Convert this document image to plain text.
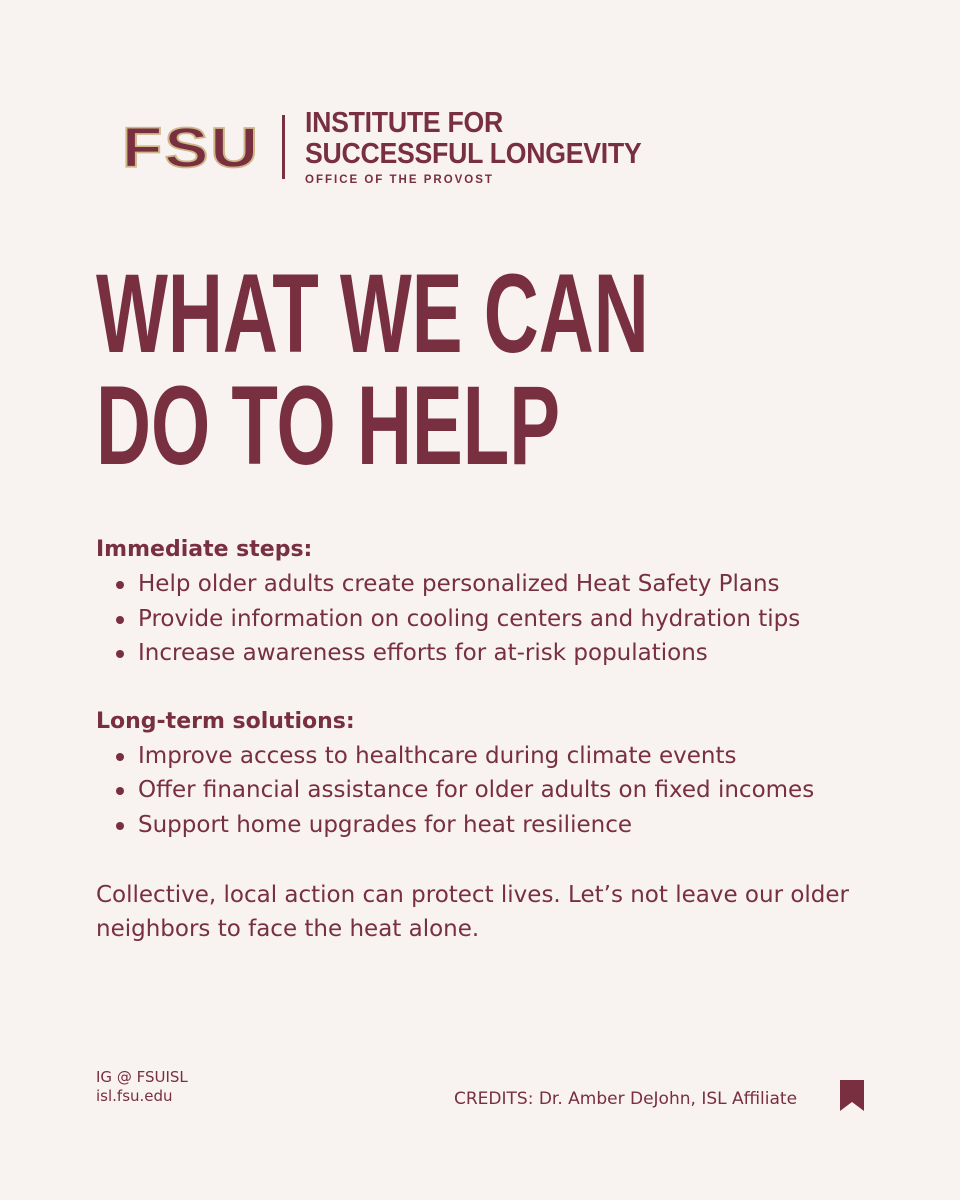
FSU INSTITUTE FOR
SUCCESSFUL LONGEVITY
OFFICE OF THE PROVOST
WHAT WE CAN
DO TO HELP
Immediate steps:
Help older adults create personalized Heat Safety Plans
Provide information on cooling centers and hydration tips
Increase awareness efforts for at-risk populations
Long-term solutions:
Improve access to healthcare during climate events
Offer financial assistance for older adults on fixed incomes
Support home upgrades for heat resilience
Collective, local action can protect lives. Let’s not leave our older neighbors to face the heat alone.
IG @ FSUISL
isl.fsu.edu	CREDITS: Dr. Amber DeJohn, ISL Affiliate
